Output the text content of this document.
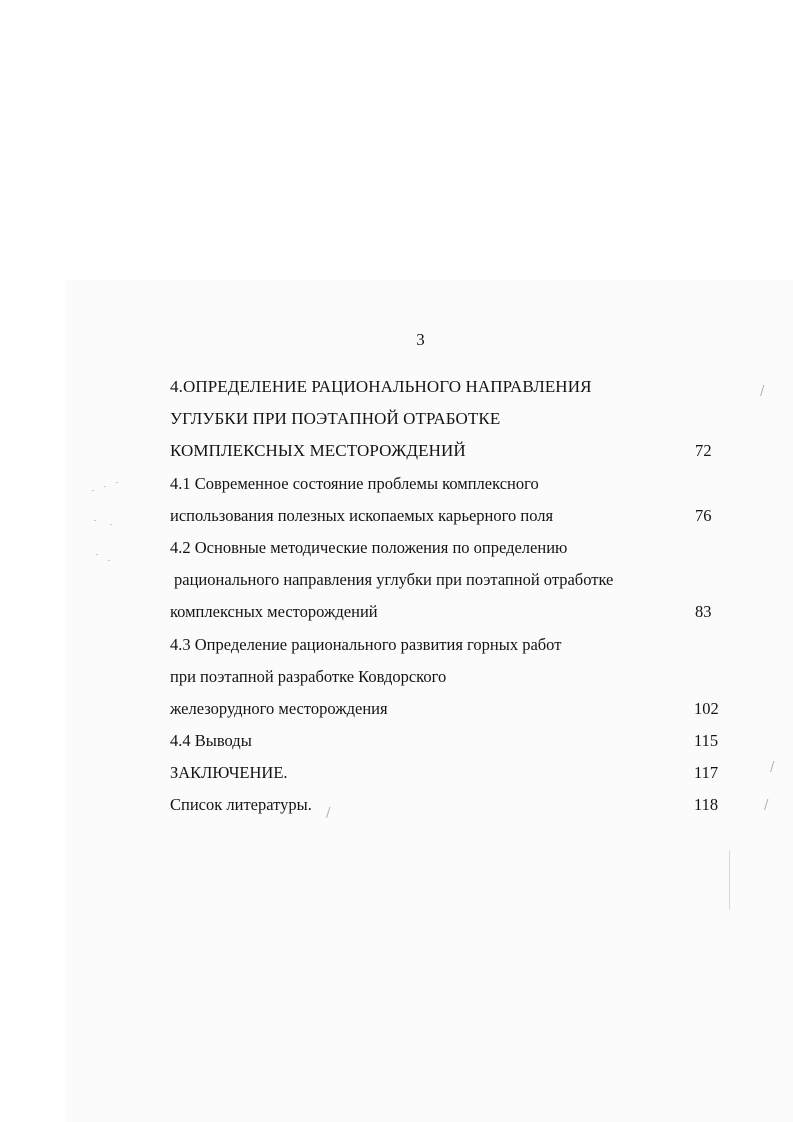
3
4.ОПРЕДЕЛЕНИЕ РАЦИОНАЛЬНОГО НАПРАВЛЕНИЯ
УГЛУБКИ ПРИ ПОЭТАПНОЙ ОТРАБОТКЕ
КОМПЛЕКСНЫХ МЕСТОРОЖДЕНИЙ	72
4.1 Современное состояние проблемы комплексного
использования полезных ископаемых карьерного поля	76
4.2 Основные методические положения по определению
рационального направления углубки при поэтапной отработке
комплексных месторождений	83
4.3 Определение рационального развития горных работ
при поэтапной разработке Ковдорского
железорудного месторождения	102
4.4 Выводы	115
ЗАКЛЮЧЕНИЕ.	117
Список литературы.	118
/
/
/
/
